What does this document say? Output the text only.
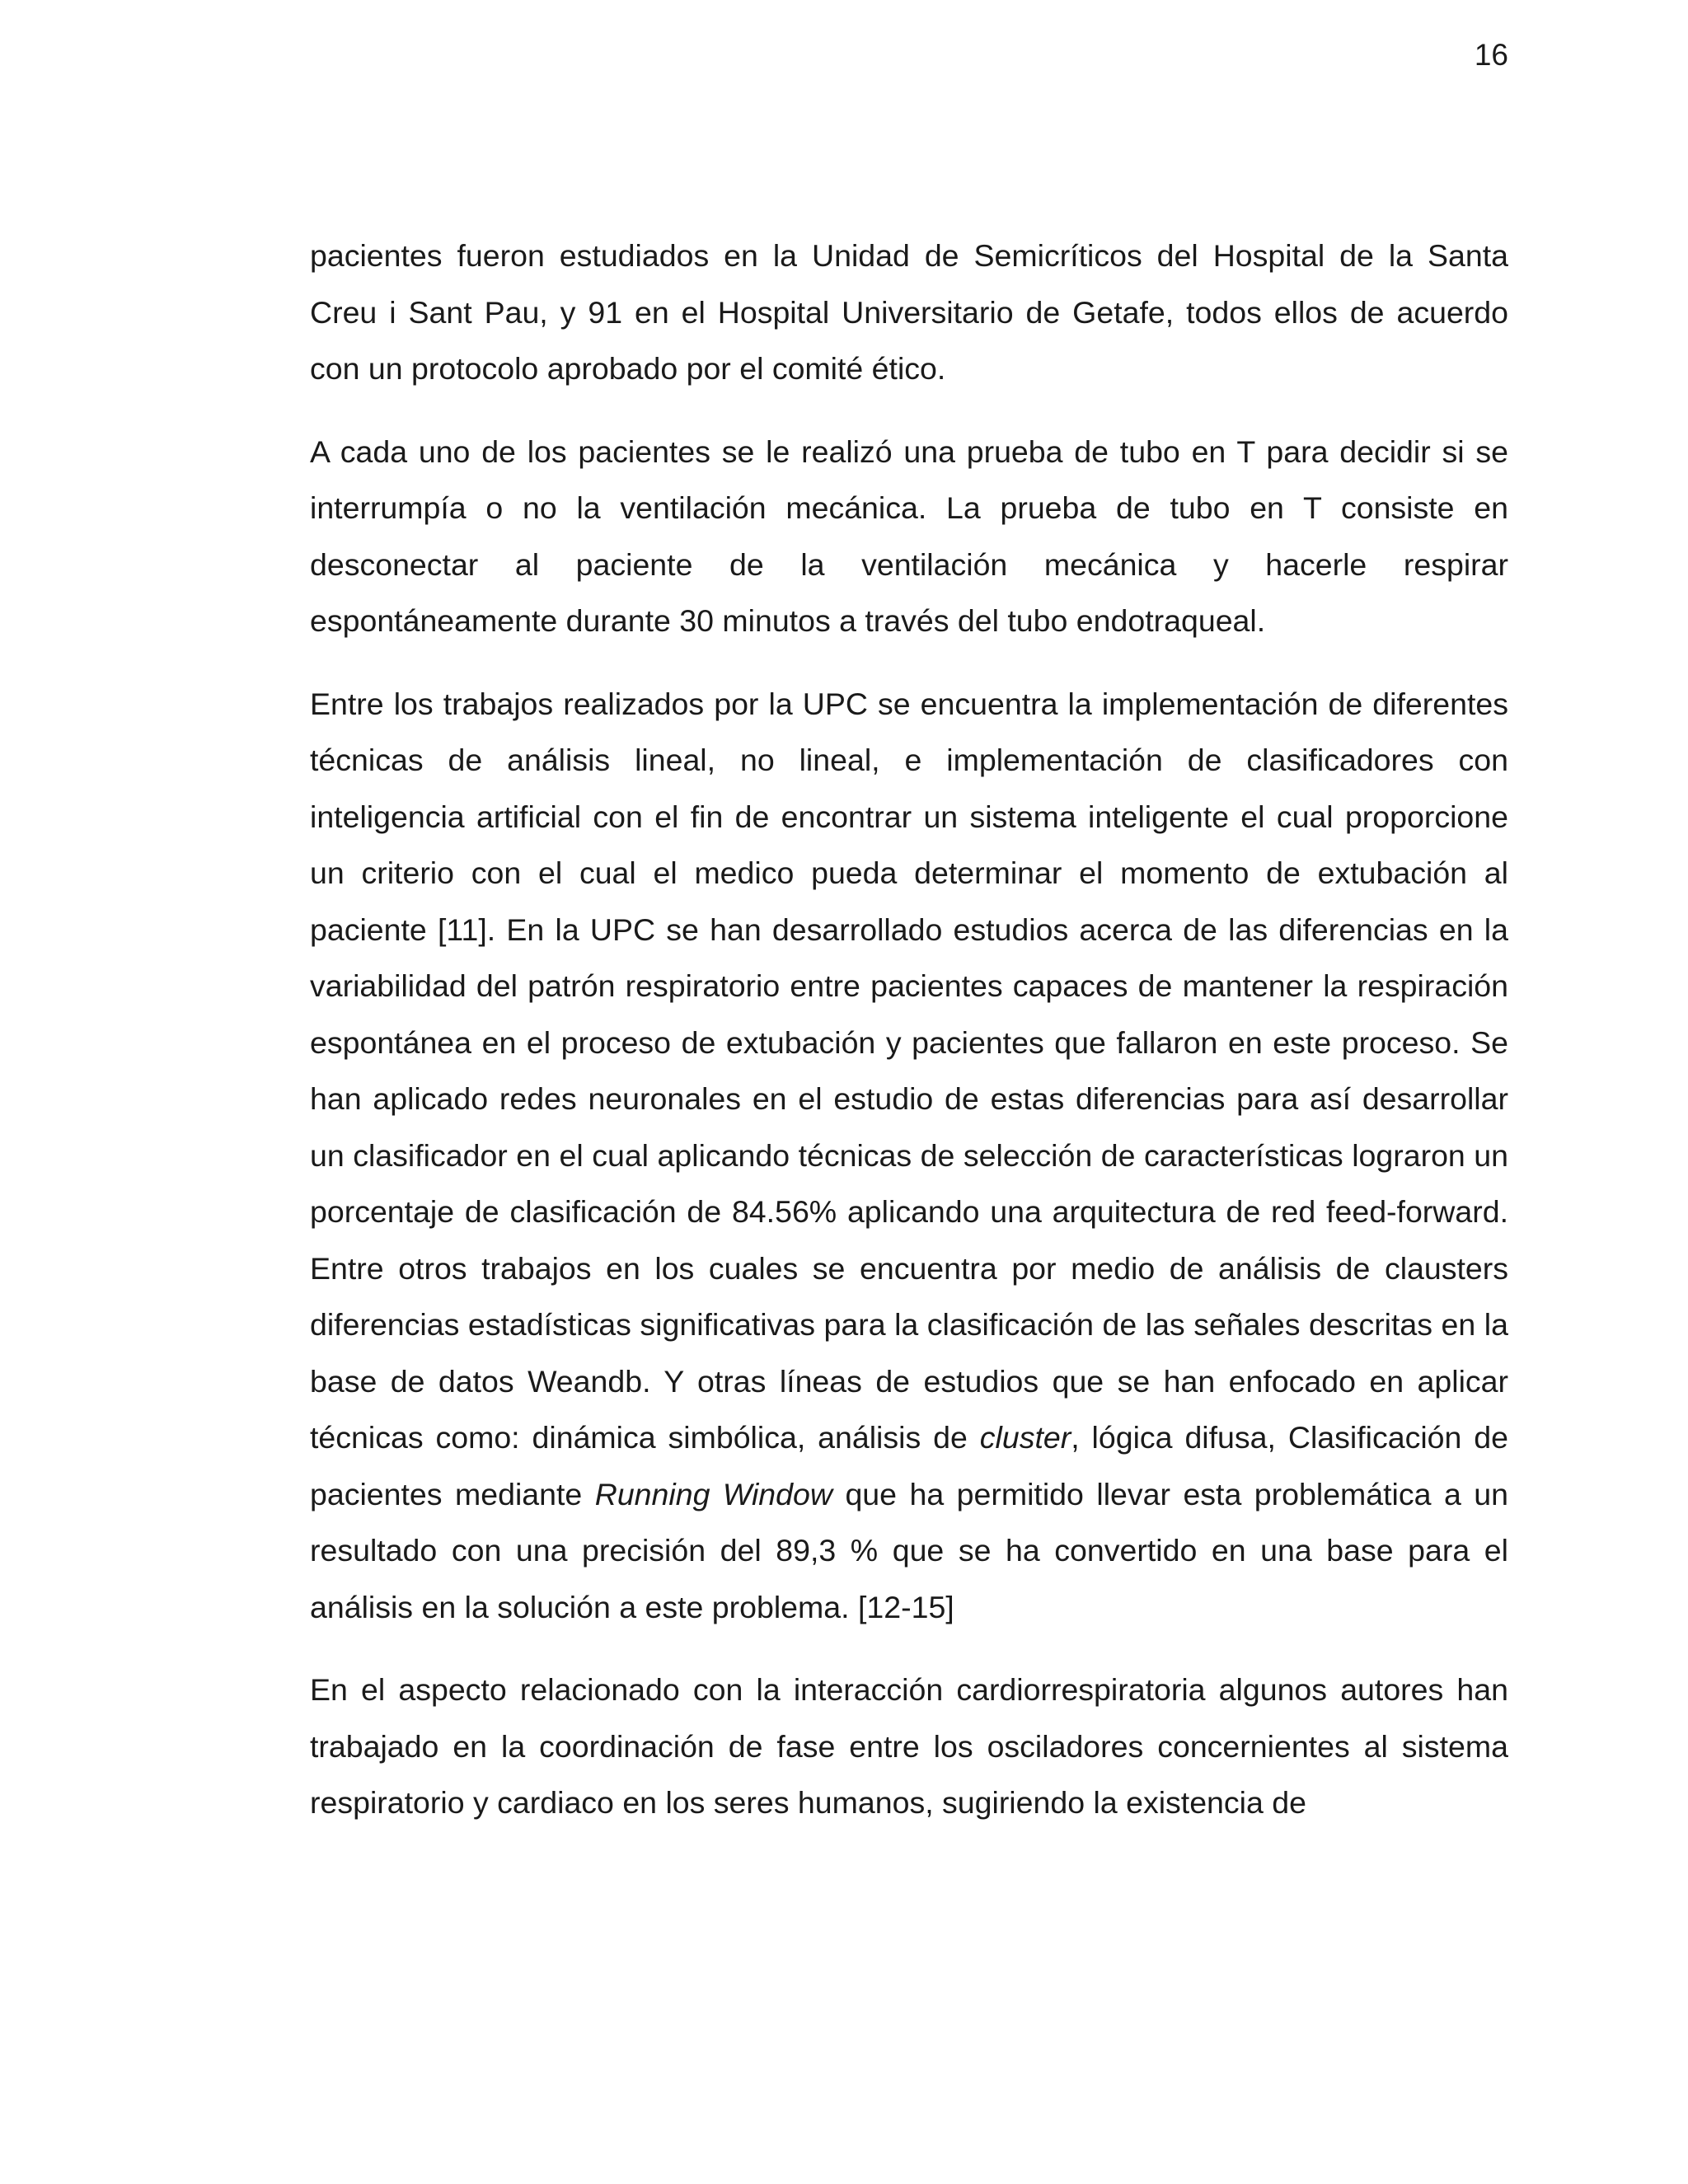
16

pacientes fueron estudiados en la Unidad de Semicríticos del Hospital de la Santa Creu i Sant Pau, y 91 en el Hospital Universitario de Getafe, todos ellos de acuerdo con un protocolo aprobado por el comité ético.

A cada uno de los pacientes se le realizó una prueba de tubo en T para decidir si se interrumpía o no la ventilación mecánica. La prueba de tubo en T consiste en desconectar al paciente de la ventilación mecánica y hacerle respirar espontáneamente durante 30 minutos a través del tubo endotraqueal.

Entre los trabajos realizados por la UPC se encuentra la implementación de diferentes técnicas de análisis lineal, no lineal, e implementación de clasificadores con inteligencia artificial con el fin de encontrar un sistema inteligente el cual proporcione un criterio con el cual el medico pueda determinar el momento de extubación al paciente [11]. En la UPC se han desarrollado estudios acerca de las diferencias en la variabilidad del patrón respiratorio entre pacientes capaces de mantener la respiración espontánea en el proceso de extubación y pacientes que fallaron en este proceso. Se han aplicado redes neuronales en el estudio de estas diferencias para así desarrollar un clasificador en el cual aplicando técnicas de selección de características lograron un porcentaje de clasificación de 84.56% aplicando una arquitectura de red feed-forward. Entre otros trabajos en los cuales se encuentra por medio de análisis de clausters diferencias estadísticas significativas para la clasificación de las señales descritas en la base de datos Weandb. Y otras líneas de estudios que se han enfocado en aplicar técnicas como: dinámica simbólica, análisis de cluster, lógica difusa, Clasificación de pacientes mediante Running Window que ha permitido llevar esta problemática a un resultado con una precisión del 89,3 % que se ha convertido en una base para el análisis en la solución a este problema. [12-15]

En el aspecto relacionado con la interacción cardiorrespiratoria algunos autores han trabajado en la coordinación de fase entre los osciladores concernientes al sistema respiratorio y cardiaco en los seres humanos, sugiriendo la existencia de
